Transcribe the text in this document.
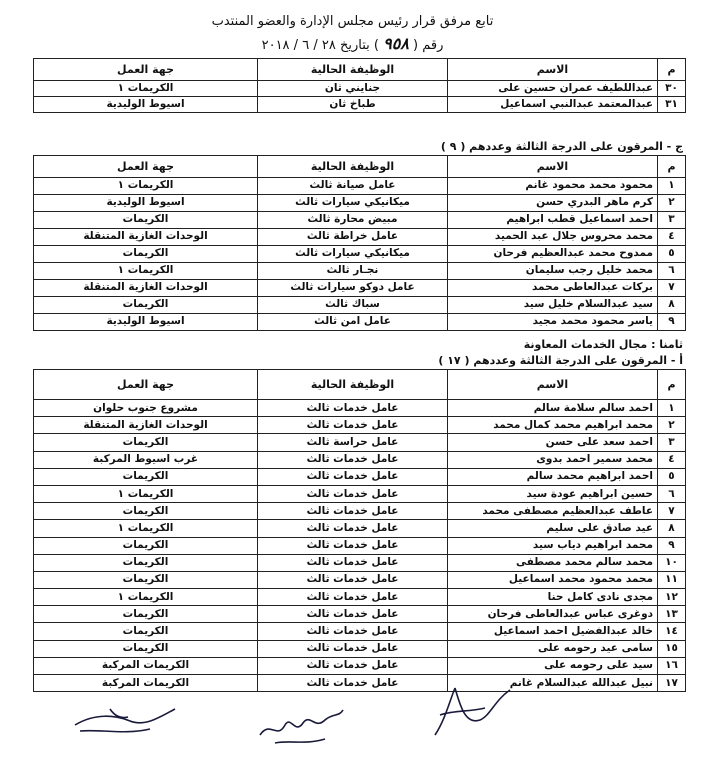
تابع مرفق قرار رئيس مجلس الإدارة والعضو المنتدب
رقم ( ٩٥٨ ) بتاريخ ٢٨ / ٦ / ٢٠١٨
م	الاسم	الوظيفة الحالية	جهة العمل
٣٠	عبداللطيف عمران حسين على	جنايني ثان	الكريمات ١
٣١	عبدالمعتمد عبدالنبي اسماعيل	طباخ ثان	اسيوط الوليدية
ج - المرقون على الدرجة الثالثة وعددهم ( ٩ )
م	الاسم	الوظيفة الحالية	جهة العمل
١	محمود محمد محمود غانم	عامل صيانة ثالث	الكريمات ١
٢	كرم ماهر البدري حسن	ميكانيكي سيارات ثالث	اسيوط الوليدية
٣	احمد اسماعيل قطب ابراهيم	مبيض محارة ثالث	الكريمات
٤	محمد محروس جلال عبد الحميد	عامل خراطة ثالث	الوحدات الغازية المتنقلة
٥	ممدوح محمد عبدالعظيم فرحان	ميكانيكي سيارات ثالث	الكريمات
٦	محمد خليل رجب سليمان	نجـار ثالث	الكريمات ١
٧	بركات عبدالعاطى محمد	عامل دوكو سيارات ثالث	الوحدات الغازية المتنقلة
٨	سيد عبدالسلام خليل سيد	سباك ثالث	الكريمات
٩	ياسر محمود محمد مجيد	عامل امن ثالث	اسيوط الوليدية
ثامنا : مجال الخدمات المعاونة
أ - المرقون على الدرجة الثالثة وعددهم ( ١٧ )
م	الاسم	الوظيفة الحالية	جهة العمل
١	احمد سالم سلامة سالم	عامل خدمات ثالث	مشروع جنوب حلوان
٢	محمد ابراهيم محمد كمال محمد	عامل خدمات ثالث	الوحدات الغازية المتنقلة
٣	احمد سعد على حسن	عامل حراسة ثالث	الكريمات
٤	محمد سمير احمد بدوى	عامل خدمات ثالث	غرب اسيوط المركبة
٥	احمد ابراهيم محمد سالم	عامل خدمات ثالث	الكريمات
٦	حسين ابراهيم عودة سيد	عامل خدمات ثالث	الكريمات ١
٧	عاطف عبدالعظيم مصطفى محمد	عامل خدمات ثالث	الكريمات
٨	عيد صادق على سليم	عامل خدمات ثالث	الكريمات ١
٩	محمد ابراهيم دياب سيد	عامل خدمات ثالث	الكريمات
١٠	محمد سالم محمد مصطفى	عامل خدمات ثالث	الكريمات
١١	محمد محمود محمد اسماعيل	عامل خدمات ثالث	الكريمات
١٢	مجدى نادى كامل حنا	عامل خدمات ثالث	الكريمات ١
١٣	دوغرى عباس عبدالعاطى فرحان	عامل خدمات ثالث	الكريمات
١٤	خالد عبدالفضيل احمد اسماعيل	عامل خدمات ثالث	الكريمات
١٥	سامى عيد رحومه على	عامل خدمات ثالث	الكريمات
١٦	سيد على رحومه على	عامل خدمات ثالث	الكريمات المركبة
١٧	نبيل عبدالله عبدالسلام غانم	عامل خدمات ثالث	الكريمات المركبة
